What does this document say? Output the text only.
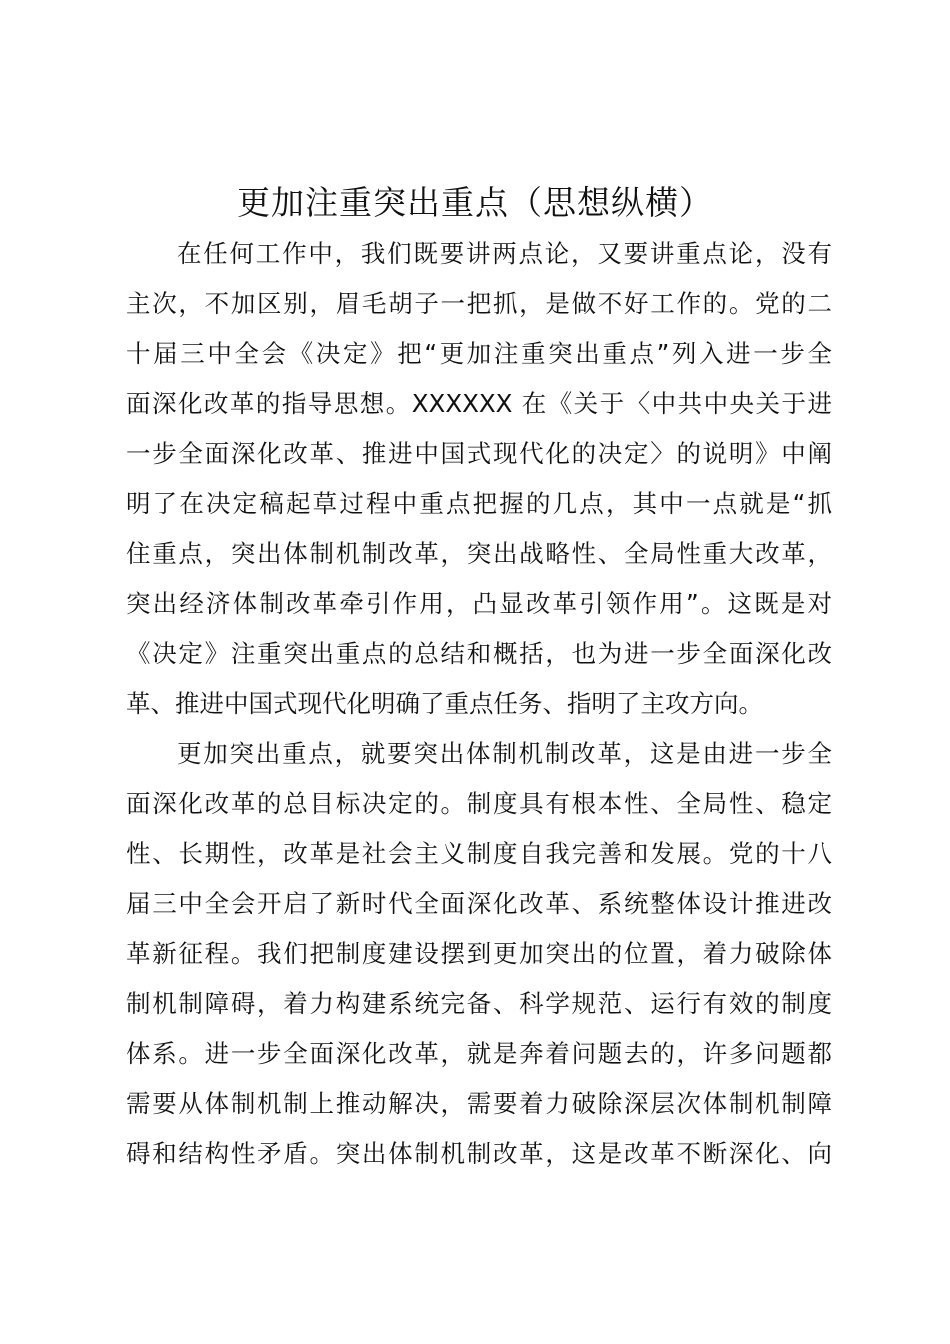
更加注重突出重点（思想纵横）
在任何工作中，我们既要讲两点论，又要讲重点论，没有
主次，不加区别，眉毛胡子一把抓，是做不好工作的。党的二
十届三中全会《决定》把“更加注重突出重点”列入进一步全
面深化改革的指导思想。XXXXXX 在《关于〈中共中央关于进
一步全面深化改革、推进中国式现代化的决定〉的说明》中阐
明了在决定稿起草过程中重点把握的几点，其中一点就是“抓
住重点，突出体制机制改革，突出战略性、全局性重大改革，
突出经济体制改革牵引作用，凸显改革引领作用”。这既是对
《决定》注重突出重点的总结和概括，也为进一步全面深化改
革、推进中国式现代化明确了重点任务、指明了主攻方向。
更加突出重点，就要突出体制机制改革，这是由进一步全
面深化改革的总目标决定的。制度具有根本性、全局性、稳定
性、长期性，改革是社会主义制度自我完善和发展。党的十八
届三中全会开启了新时代全面深化改革、系统整体设计推进改
革新征程。我们把制度建设摆到更加突出的位置，着力破除体
制机制障碍，着力构建系统完备、科学规范、运行有效的制度
体系。进一步全面深化改革，就是奔着问题去的，许多问题都
需要从体制机制上推动解决，需要着力破除深层次体制机制障
碍和结构性矛盾。突出体制机制改革，这是改革不断深化、向
